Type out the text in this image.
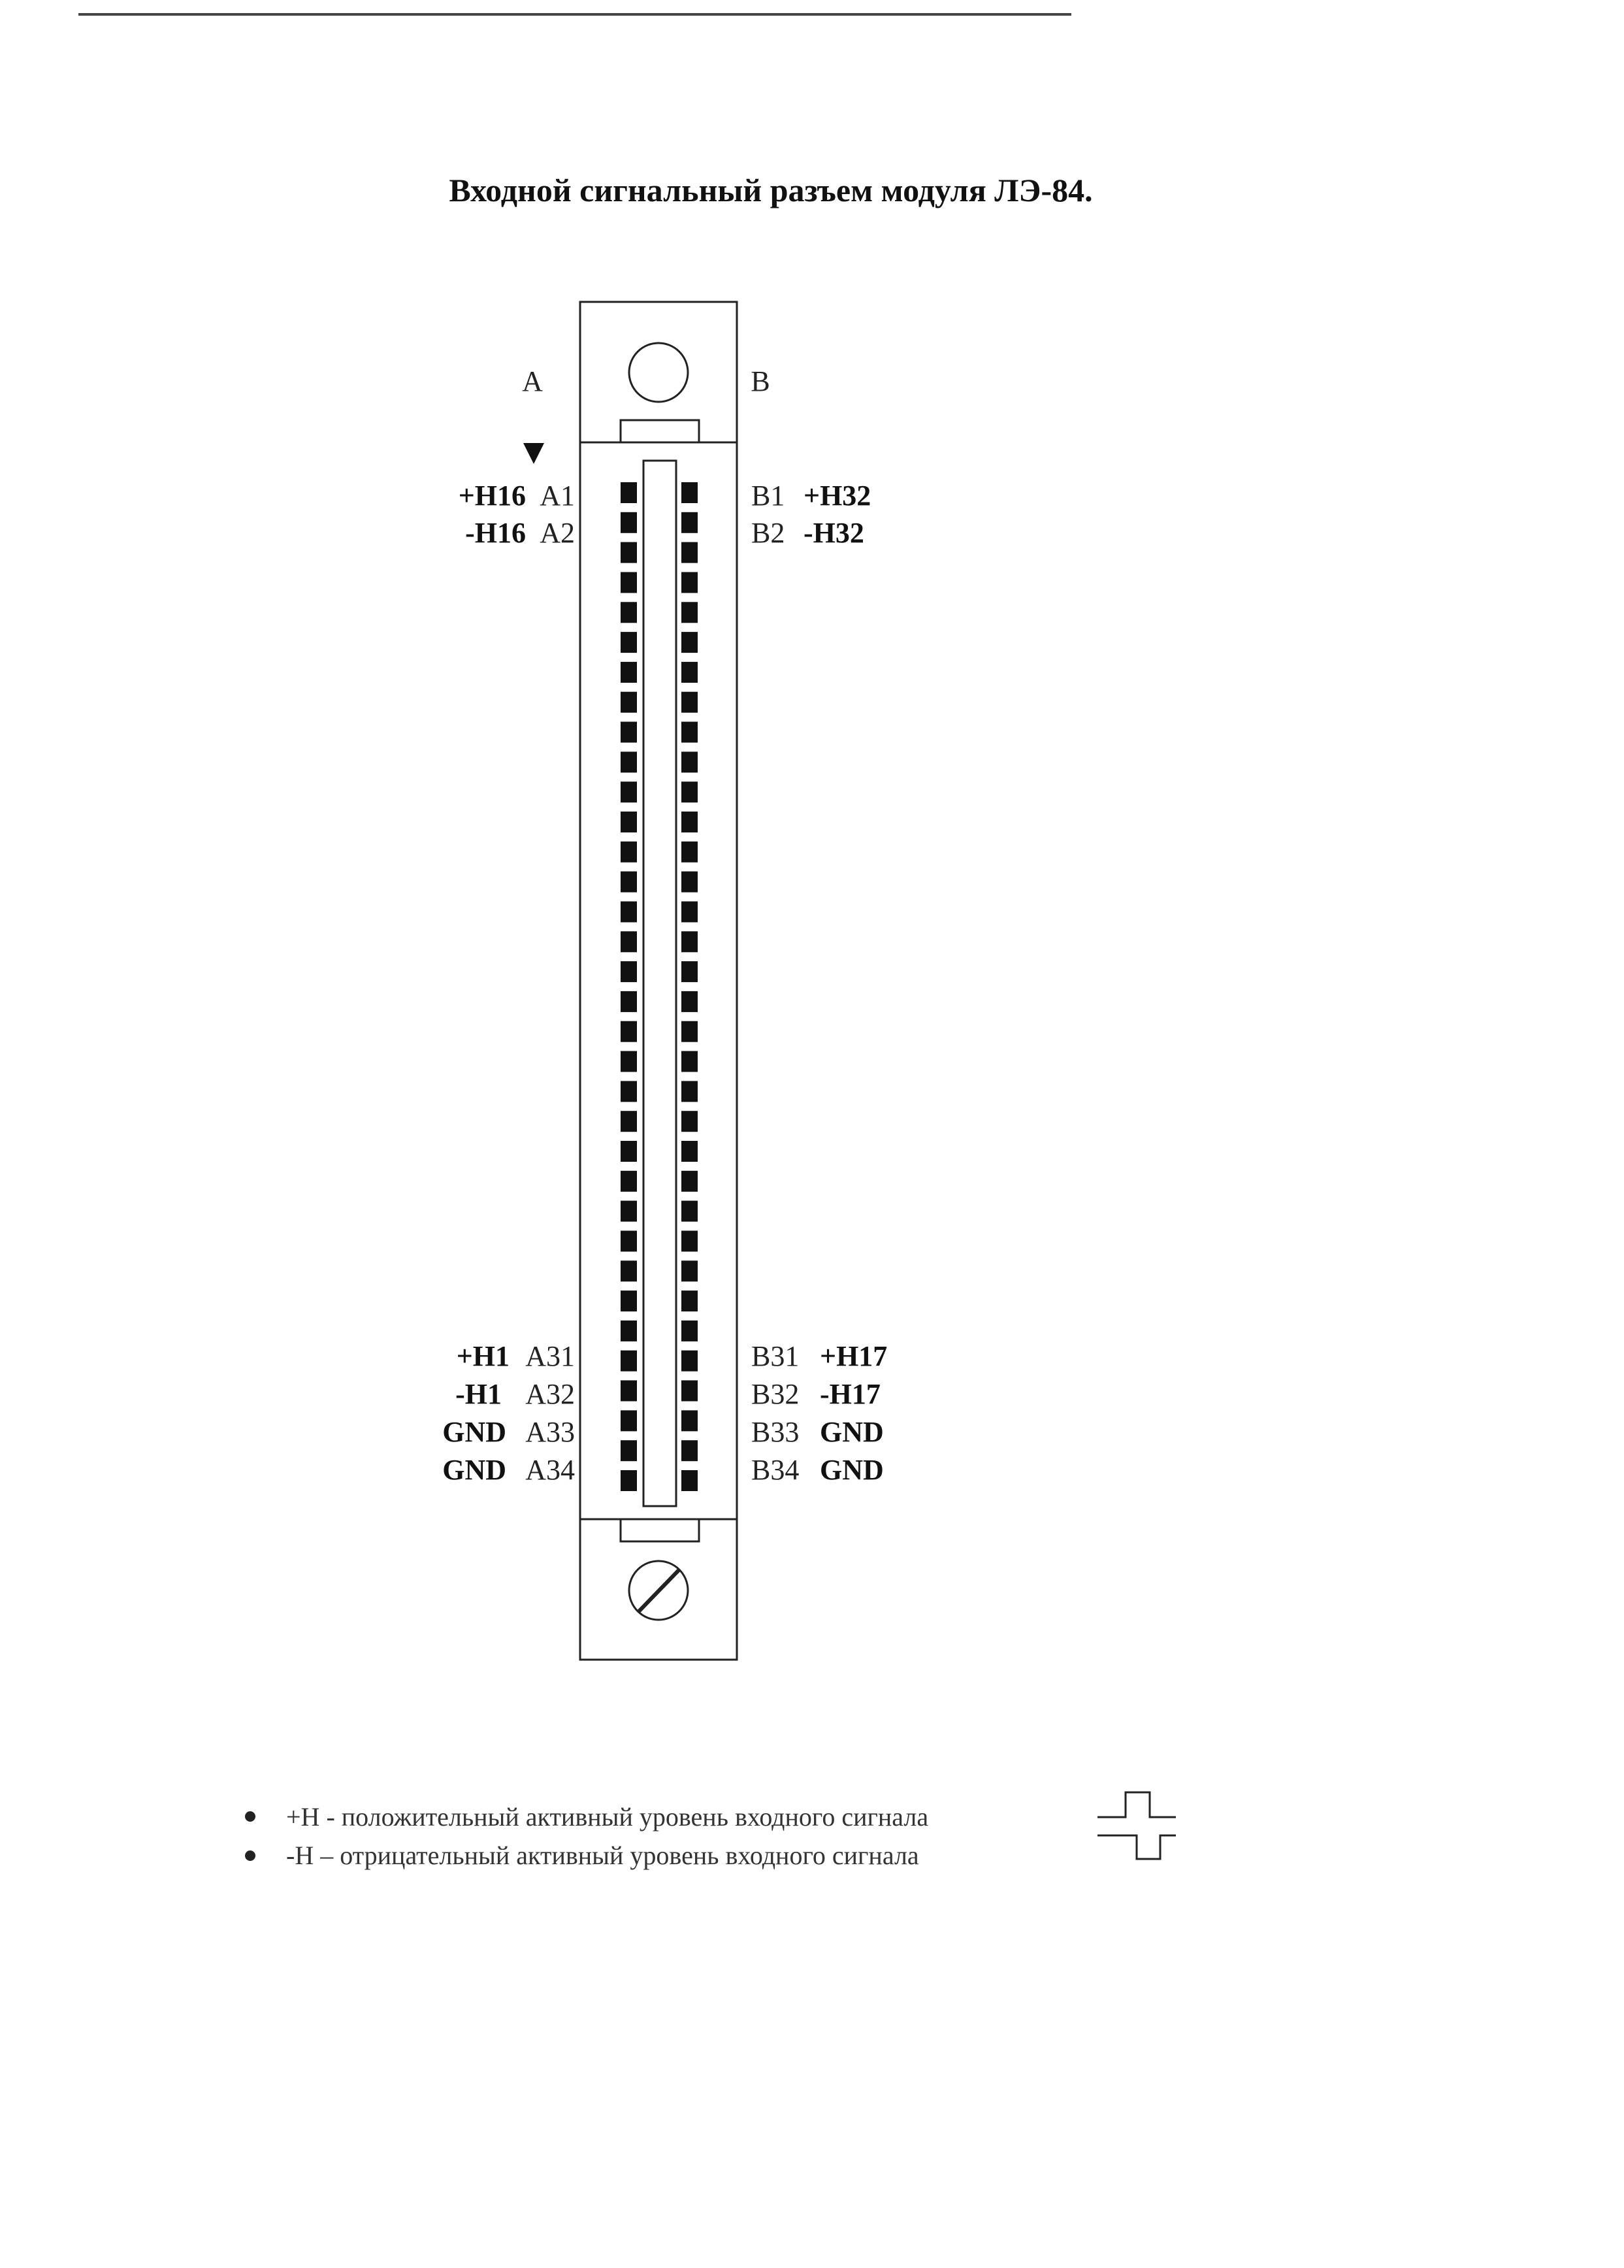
Входной сигнальный разъем модуля ЛЭ-84.
A	B
+H16 A1
-H16 A2
+H1 A31
-H1 A32
GND A33
GND A34
B1 +H32
B2 -H32
B31 +H17
B32 -H17
B33 GND
B34 GND
+H - положительный активный уровень входного сигнала
-H – отрицательный активный уровень входного сигнала
